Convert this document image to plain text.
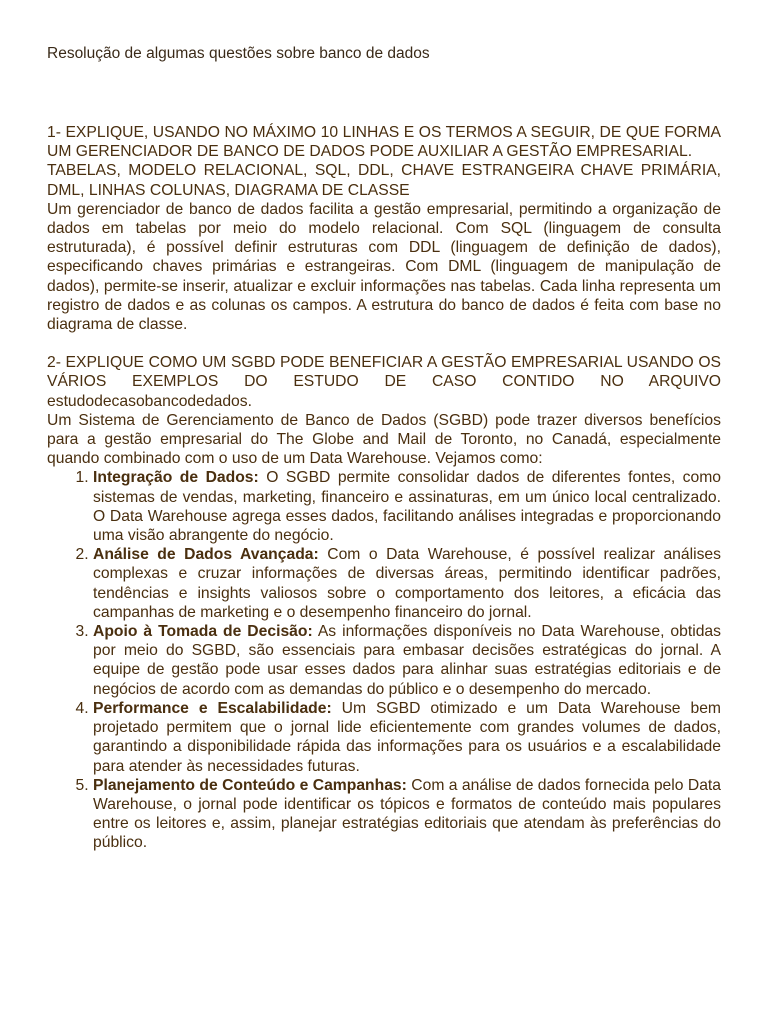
Resolução de algumas questões sobre banco de dados

1- EXPLIQUE, USANDO NO MÁXIMO 10 LINHAS E OS TERMOS A SEGUIR, DE QUE FORMA UM GERENCIADOR DE BANCO DE DADOS PODE AUXILIAR A GESTÃO EMPRESARIAL.

TABELAS, MODELO RELACIONAL, SQL, DDL, CHAVE ESTRANGEIRA CHAVE PRIMÁRIA, DML, LINHAS COLUNAS, DIAGRAMA DE CLASSE

Um gerenciador de banco de dados facilita a gestão empresarial, permitindo a organização de dados em tabelas por meio do modelo relacional. Com SQL (linguagem de consulta estruturada), é possível definir estruturas com DDL (linguagem de definição de dados), especificando chaves primárias e estrangeiras. Com DML (linguagem de manipulação de dados), permite-se inserir, atualizar e excluir informações nas tabelas. Cada linha representa um registro de dados e as colunas os campos. A estrutura do banco de dados é feita com base no diagrama de classe.

2- EXPLIQUE COMO UM SGBD PODE BENEFICIAR A GESTÃO EMPRESARIAL USANDO OS VÁRIOS EXEMPLOS DO ESTUDO DE CASO CONTIDO NO ARQUIVO estudodecasobancodedados.

Um Sistema de Gerenciamento de Banco de Dados (SGBD) pode trazer diversos benefícios para a gestão empresarial do The Globe and Mail de Toronto, no Canadá, especialmente quando combinado com o uso de um Data Warehouse. Vejamos como:

1. Integração de Dados: O SGBD permite consolidar dados de diferentes fontes, como sistemas de vendas, marketing, financeiro e assinaturas, em um único local centralizado. O Data Warehouse agrega esses dados, facilitando análises integradas e proporcionando uma visão abrangente do negócio.
2. Análise de Dados Avançada: Com o Data Warehouse, é possível realizar análises complexas e cruzar informações de diversas áreas, permitindo identificar padrões, tendências e insights valiosos sobre o comportamento dos leitores, a eficácia das campanhas de marketing e o desempenho financeiro do jornal.
3. Apoio à Tomada de Decisão: As informações disponíveis no Data Warehouse, obtidas por meio do SGBD, são essenciais para embasar decisões estratégicas do jornal. A equipe de gestão pode usar esses dados para alinhar suas estratégias editoriais e de negócios de acordo com as demandas do público e o desempenho do mercado.
4. Performance e Escalabilidade: Um SGBD otimizado e um Data Warehouse bem projetado permitem que o jornal lide eficientemente com grandes volumes de dados, garantindo a disponibilidade rápida das informações para os usuários e a escalabilidade para atender às necessidades futuras.
5. Planejamento de Conteúdo e Campanhas: Com a análise de dados fornecida pelo Data Warehouse, o jornal pode identificar os tópicos e formatos de conteúdo mais populares entre os leitores e, assim, planejar estratégias editoriais que atendam às preferências do público.
